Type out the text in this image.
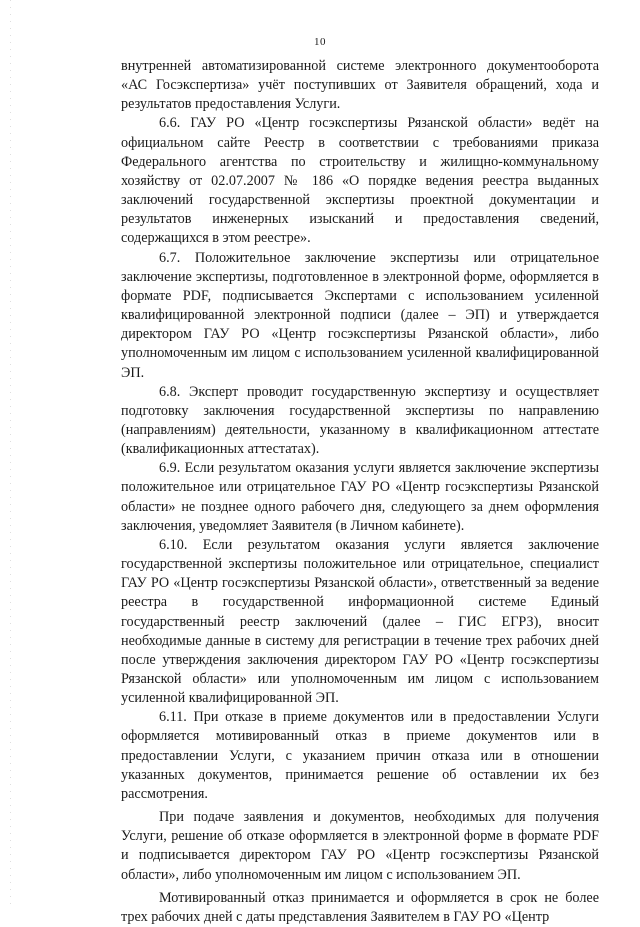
10

внутренней автоматизированной системе электронного документооборота «АС Госэкспертиза» учёт поступивших от Заявителя обращений, хода и результатов предоставления Услуги.

6.6. ГАУ РО «Центр госэкспертизы Рязанской области» ведёт на официальном сайте Реестр в соответствии с требованиями приказа Федерального агентства по строительству и жилищно-коммунальному хозяйству от 02.07.2007 № 186 «О порядке ведения реестра выданных заключений государственной экспертизы проектной документации и результатов инженерных изысканий и предоставления сведений, содержащихся в этом реестре».

6.7. Положительное заключение экспертизы или отрицательное заключение экспертизы, подготовленное в электронной форме, оформляется в формате PDF, подписывается Экспертами с использованием усиленной квалифицированной электронной подписи (далее – ЭП) и утверждается директором ГАУ РО «Центр госэкспертизы Рязанской области», либо уполномоченным им лицом с использованием усиленной квалифицированной ЭП.

6.8. Эксперт проводит государственную экспертизу и осуществляет подготовку заключения государственной экспертизы по направлению (направлениям) деятельности, указанному в квалификационном аттестате (квалификационных аттестатах).

6.9. Если результатом оказания услуги является заключение экспертизы положительное или отрицательное ГАУ РО «Центр госэкспертизы Рязанской области» не позднее одного рабочего дня, следующего за днем оформления заключения, уведомляет Заявителя (в Личном кабинете).

6.10. Если результатом оказания услуги является заключение государственной экспертизы положительное или отрицательное, специалист ГАУ РО «Центр госэкспертизы Рязанской области», ответственный за ведение реестра в государственной информационной системе Единый государственный реестр заключений (далее – ГИС ЕГРЗ), вносит необходимые данные в систему для регистрации в течение трех рабочих дней после утверждения заключения директором ГАУ РО «Центр госэкспертизы Рязанской области» или уполномоченным им лицом с использованием усиленной квалифицированной ЭП.

6.11. При отказе в приеме документов или в предоставлении Услуги оформляется мотивированный отказ в приеме документов или в предоставлении Услуги, с указанием причин отказа или в отношении указанных документов, принимается решение об оставлении их без рассмотрения.

При подаче заявления и документов, необходимых для получения Услуги, решение об отказе оформляется в электронной форме в формате PDF и подписывается директором ГАУ РО «Центр госэкспертизы Рязанской области», либо уполномоченным им лицом с использованием ЭП.

Мотивированный отказ принимается и оформляется в срок не более трех рабочих дней с даты представления Заявителем в ГАУ РО «Центр
